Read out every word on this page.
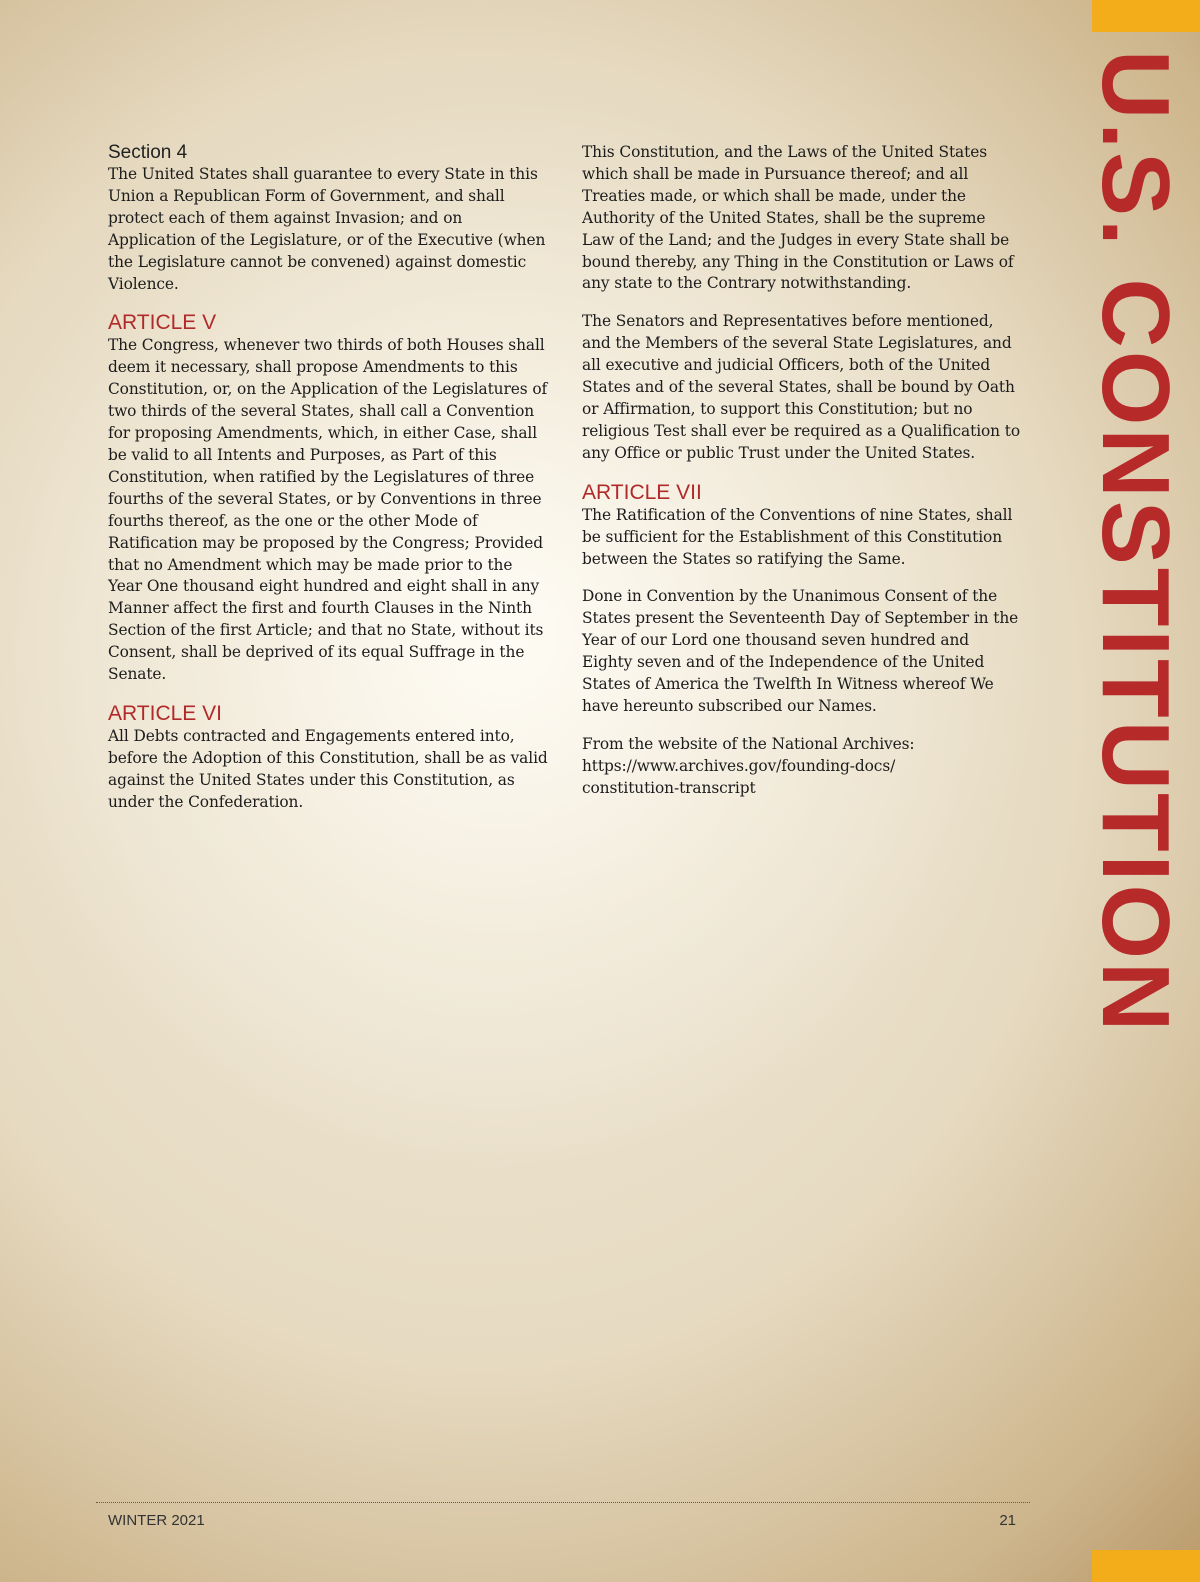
U.S. CONSTITUTION

Section 4

The United States shall guarantee to every State in this Union a Republican Form of Government, and shall protect each of them against Invasion; and on Application of the Legislature, or of the Executive (when the Legislature cannot be convened) against domestic Violence.

ARTICLE V

The Congress, whenever two thirds of both Houses shall deem it necessary, shall propose Amendments to this Constitution, or, on the Application of the Legislatures of two thirds of the several States, shall call a Convention for proposing Amendments, which, in either Case, shall be valid to all Intents and Purposes, as Part of this Constitution, when ratified by the Legislatures of three fourths of the several States, or by Conventions in three fourths thereof, as the one or the other Mode of Ratification may be proposed by the Congress; Provided that no Amendment which may be made prior to the Year One thousand eight hundred and eight shall in any Manner affect the first and fourth Clauses in the Ninth Section of the first Article; and that no State, without its Consent, shall be deprived of its equal Suffrage in the Senate.

ARTICLE VI

All Debts contracted and Engagements entered into, before the Adoption of this Constitution, shall be as valid against the United States under this Constitution, as under the Confederation.

This Constitution, and the Laws of the United States which shall be made in Pursuance thereof; and all Treaties made, or which shall be made, under the Authority of the United States, shall be the supreme Law of the Land; and the Judges in every State shall be bound thereby, any Thing in the Constitution or Laws of any state to the Contrary notwithstanding.

The Senators and Representatives before mentioned, and the Members of the several State Legislatures, and all executive and judicial Officers, both of the United States and of the several States, shall be bound by Oath or Affirmation, to support this Constitution; but no religious Test shall ever be required as a Qualification to any Office or public Trust under the United States.

ARTICLE VII

The Ratification of the Conventions of nine States, shall be sufficient for the Establishment of this Constitution between the States so ratifying the Same.

Done in Convention by the Unanimous Consent of the States present the Seventeenth Day of September in the Year of our Lord one thousand seven hundred and Eighty seven and of the Independence of the United States of America the Twelfth In Witness whereof We have hereunto subscribed our Names.

From the website of the National Archives:
https://www.archives.gov/founding-docs/
constitution-transcript

WINTER 2021	21
